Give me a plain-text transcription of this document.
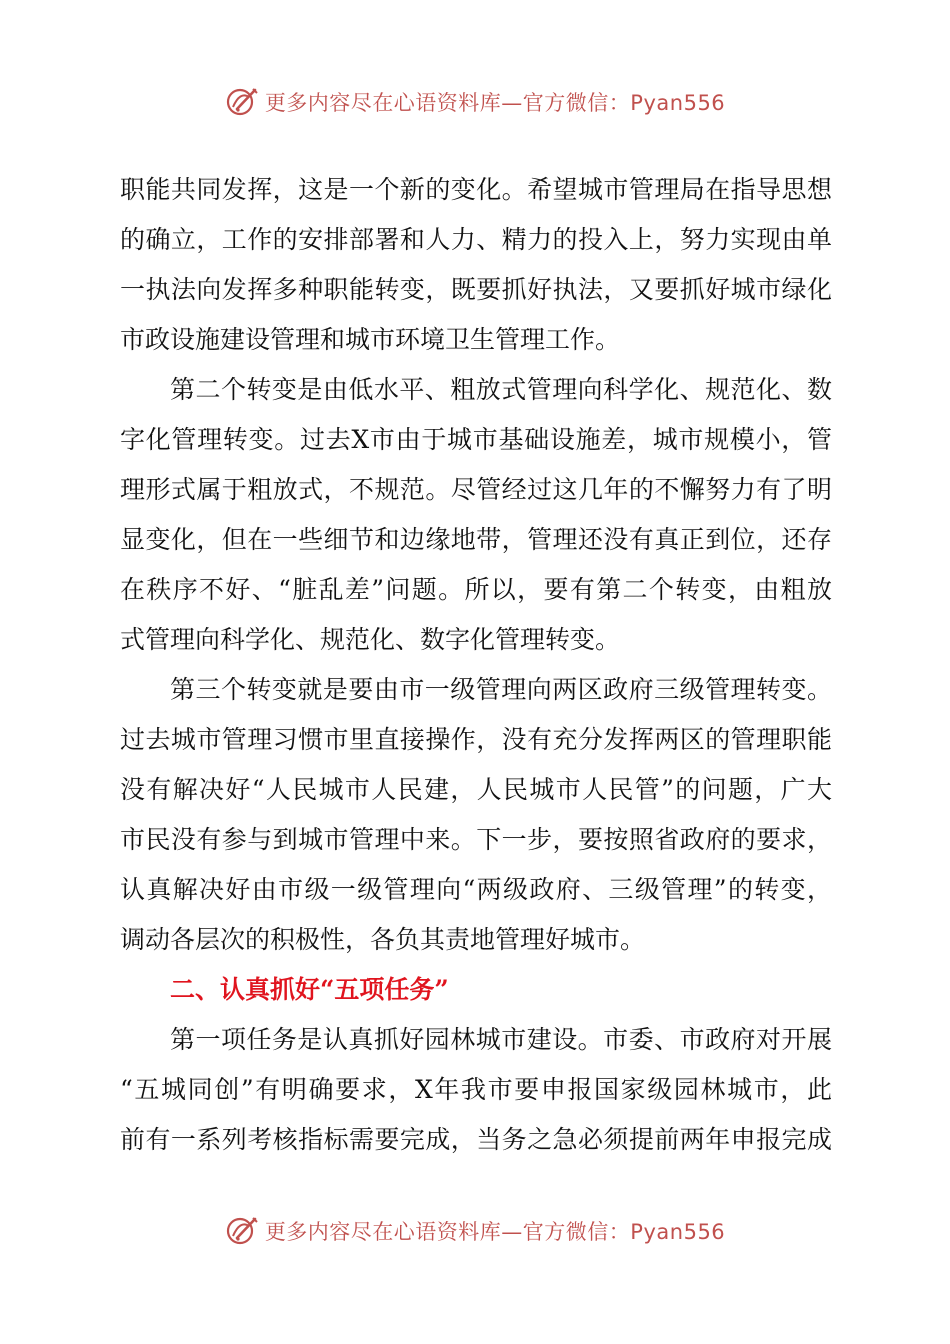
更多内容尽在心语资料库—官方微信：Pyan556
职能共同发挥，这是一个新的变化。希望城市管理局在指导思想
的确立，工作的安排部署和人力、精力的投入上，努力实现由单
一执法向发挥多种职能转变，既要抓好执法，又要抓好城市绿化
市政设施建设管理和城市环境卫生管理工作。
第二个转变是由低水平、粗放式管理向科学化、规范化、数
字化管理转变。过去X市由于城市基础设施差，城市规模小，管
理形式属于粗放式，不规范。尽管经过这几年的不懈努力有了明
显变化，但在一些细节和边缘地带，管理还没有真正到位，还存
在秩序不好、“脏乱差”问题。所以，要有第二个转变，由粗放
式管理向科学化、规范化、数字化管理转变。
第三个转变就是要由市一级管理向两区政府三级管理转变。
过去城市管理习惯市里直接操作，没有充分发挥两区的管理职能
没有解决好“人民城市人民建，人民城市人民管”的问题，广大
市民没有参与到城市管理中来。下一步，要按照省政府的要求，
认真解决好由市级一级管理向“两级政府、三级管理”的转变，
调动各层次的积极性，各负其责地管理好城市。
二、认真抓好“五项任务”
第一项任务是认真抓好园林城市建设。市委、市政府对开展
“五城同创”有明确要求，X年我市要申报国家级园林城市，此
前有一系列考核指标需要完成，当务之急必须提前两年申报完成
更多内容尽在心语资料库—官方微信：Pyan556
